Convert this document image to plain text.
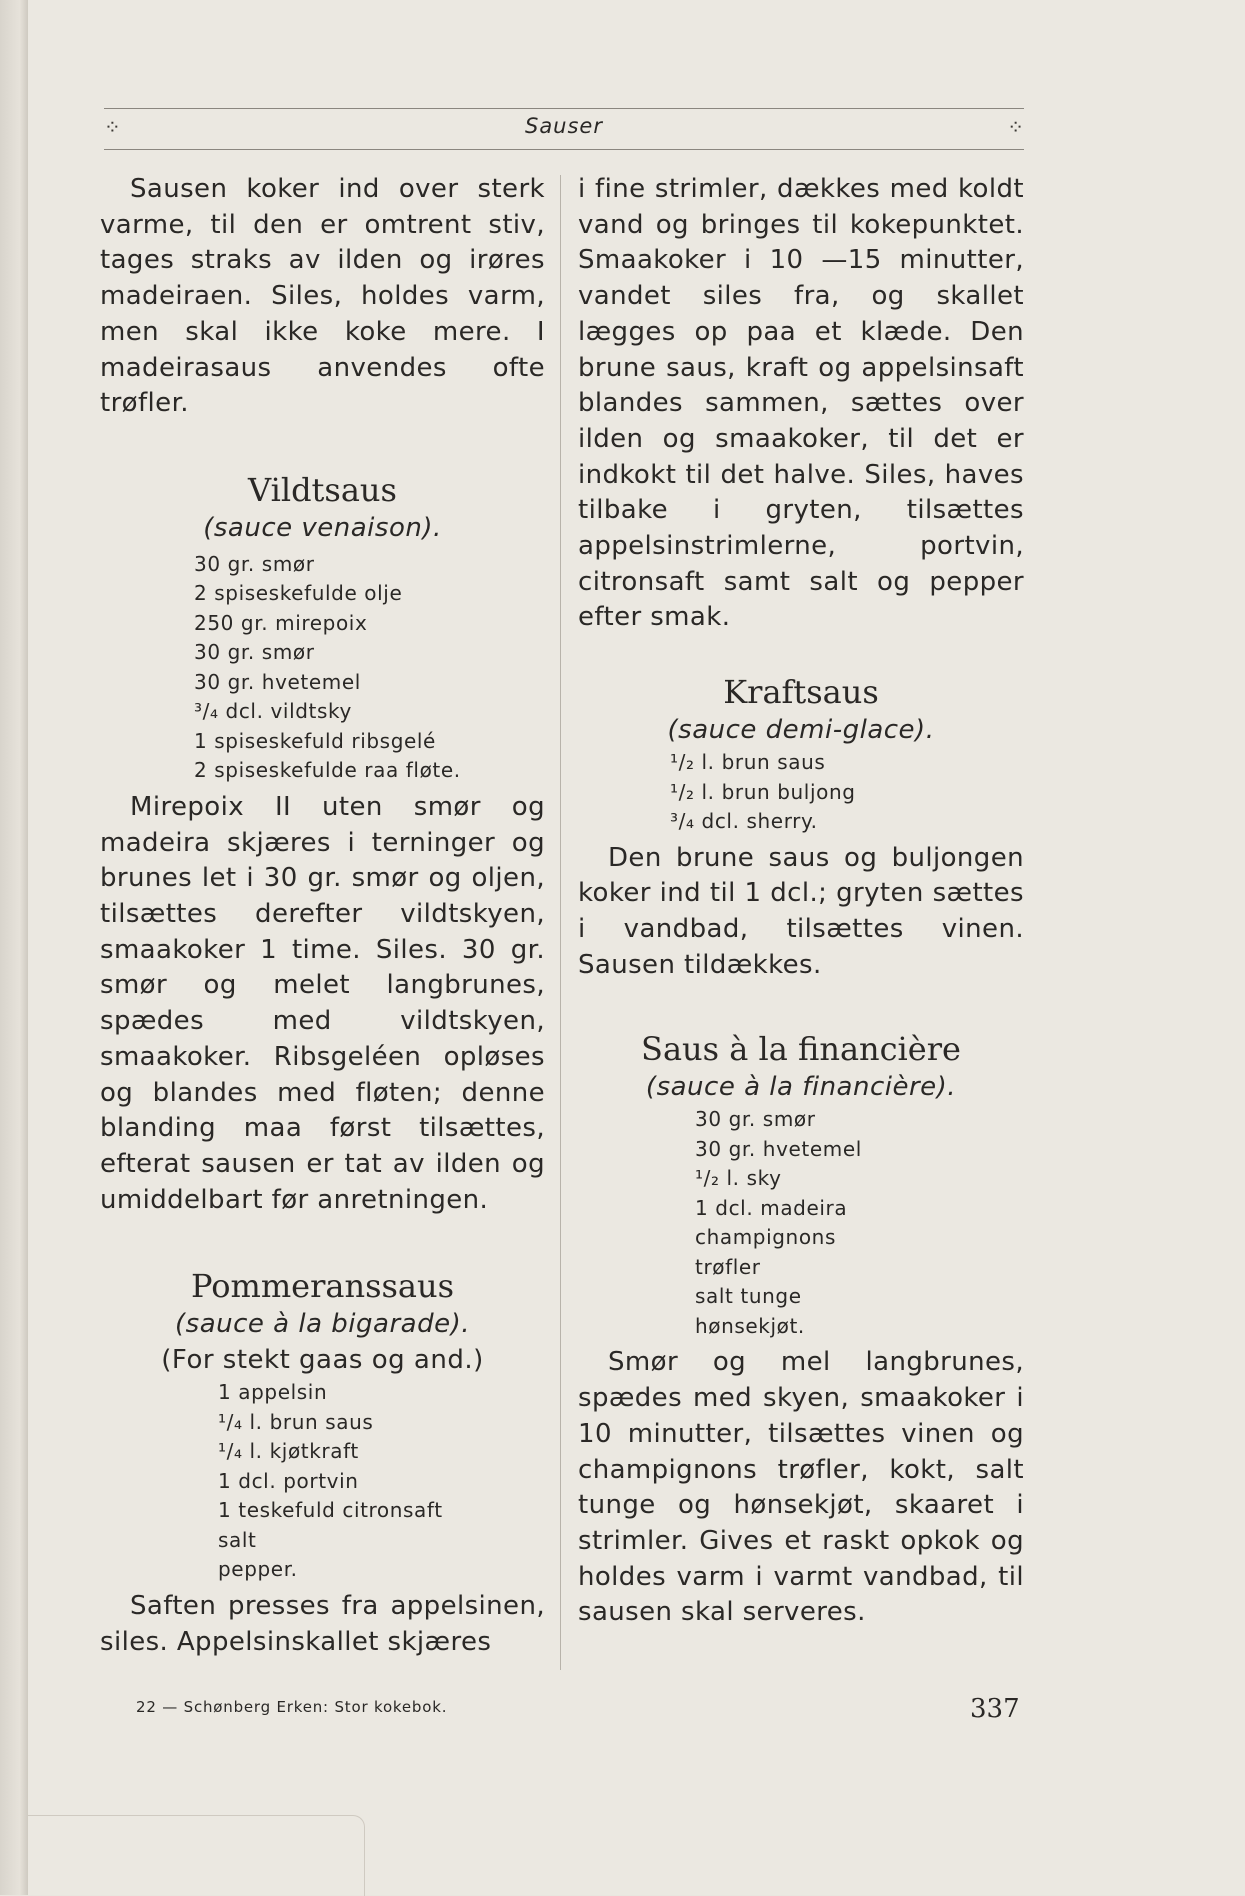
⁘	Sauser	⁘

Sausen koker ind over sterk varme, til den er omtrent stiv, tages straks av ilden og irøres madeiraen. Siles, holdes varm, men skal ikke koke mere. I madeirasaus anvendes ofte trøfler.

Vildtsaus

(sauce venaison).

30 gr. smør
2 spiseskefulde olje
250 gr. mirepoix
30 gr. smør
30 gr. hvetemel
³/₄ dcl. vildtsky
1 spiseskefuld ribsgelé
2 spiseskefulde raa fløte.

Mirepoix II uten smør og madeira skjæres i terninger og brunes let i 30 gr. smør og oljen, tilsættes derefter vildtskyen, smaakoker 1 time. Siles. 30 gr. smør og melet langbrunes, spædes med vildtskyen, smaakoker. Ribsgeléen opløses og blandes med fløten; denne blanding maa først tilsættes, efterat sausen er tat av ilden og umiddelbart før anretningen.

Pommeranssaus

(sauce à la bigarade).

(For stekt gaas og and.)

1 appelsin
¹/₄ l. brun saus
¹/₄ l. kjøtkraft
1 dcl. portvin
1 teskefuld citronsaft
salt
pepper.

Saften presses fra appelsinen, siles. Appelsinskallet skjæres

i fine strimler, dækkes med koldt vand og bringes til kokepunktet. Smaakoker i 10 —15 minutter, vandet siles fra, og skallet lægges op paa et klæde. Den brune saus, kraft og appelsinsaft blandes sammen, sættes over ilden og smaakoker, til det er indkokt til det halve. Siles, haves tilbake i gryten, tilsættes appelsinstrimlerne, portvin, citronsaft samt salt og pepper efter smak.

Kraftsaus

(sauce demi-glace).

¹/₂ l. brun saus
¹/₂ l. brun buljong
³/₄ dcl. sherry.

Den brune saus og buljongen koker ind til 1 dcl.; gryten sættes i vandbad, tilsættes vinen. Sausen tildækkes.

Saus à la financière

(sauce à la financière).

30 gr. smør
30 gr. hvetemel
¹/₂ l. sky
1 dcl. madeira
champignons
trøfler
salt tunge
hønsekjøt.

Smør og mel langbrunes, spædes med skyen, smaakoker i 10 minutter, tilsættes vinen og champignons trøfler, kokt, salt tunge og hønsekjøt, skaaret i strimler. Gives et raskt opkok og holdes varm i varmt vandbad, til sausen skal serveres.

22 — Schønberg Erken: Stor kokebok.	337
